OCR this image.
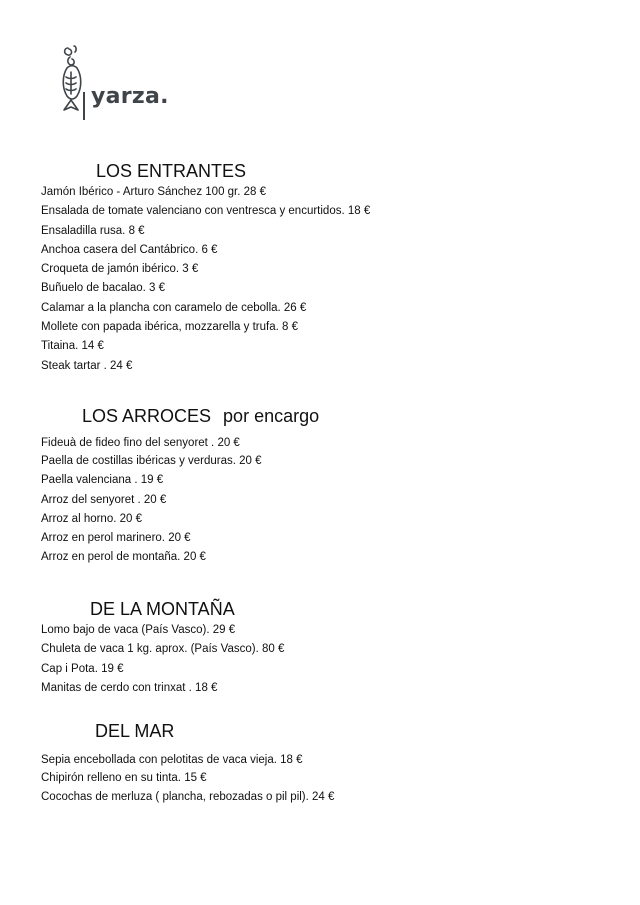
yarza.
LOS ENTRANTES
Jamón Ibérico - Arturo Sánchez 100 gr. 28 €
Ensalada de tomate valenciano con ventresca y encurtidos. 18 €
Ensaladilla rusa. 8 €
Anchoa casera del Cantábrico. 6 €
Croqueta de jamón ibérico. 3 €
Buñuelo de bacalao. 3 €
Calamar a la plancha con caramelo de cebolla. 26 €
Mollete con papada ibérica, mozzarella y trufa. 8 €
Titaina. 14 €
Steak tartar . 24 €
LOS ARROCES por encargo
Fideuà de fideo fino del senyoret . 20 €
Paella de costillas ibéricas y verduras. 20 €
Paella valenciana . 19 €
Arroz del senyoret . 20 €
Arroz al horno. 20 €
Arroz en perol marinero. 20 €
Arroz en perol de montaña. 20 €
DE LA MONTAÑA
Lomo bajo de vaca (País Vasco). 29 €
Chuleta de vaca 1 kg. aprox. (País Vasco). 80 €
Cap i Pota. 19 €
Manitas de cerdo con trinxat . 18 €
DEL MAR
Sepia encebollada con pelotitas de vaca vieja. 18 €
Chipirón relleno en su tinta. 15 €
Cocochas de merluza ( plancha, rebozadas o pil pil). 24 €
